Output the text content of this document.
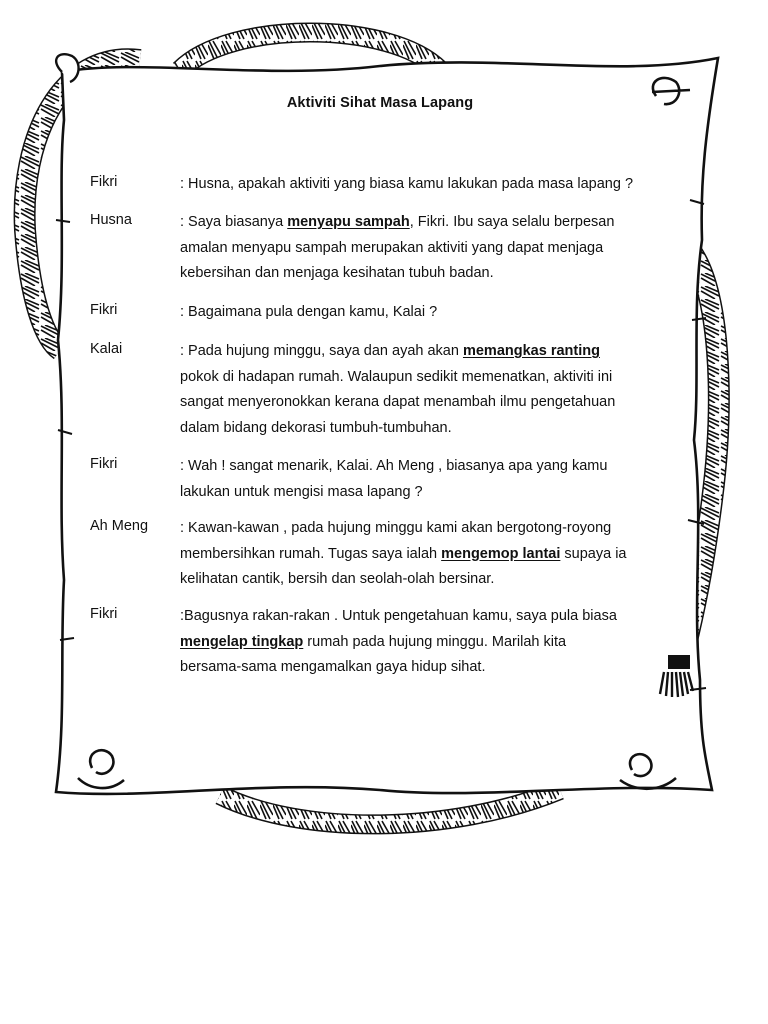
Aktiviti Sihat Masa Lapang
Fikri	: Husna, apakah aktiviti yang biasa kamu lakukan pada masa lapang ?
Husna	: Saya biasanya menyapu sampah, Fikri. Ibu saya selalu berpesan
amalan menyapu sampah merupakan aktiviti yang dapat menjaga
kebersihan dan menjaga kesihatan tubuh badan.
Fikri	: Bagaimana pula dengan kamu, Kalai ?
Kalai	: Pada hujung minggu, saya dan ayah akan memangkas ranting
pokok di hadapan rumah. Walaupun sedikit memenatkan, aktiviti ini
sangat menyeronokkan kerana dapat menambah ilmu pengetahuan
dalam bidang dekorasi tumbuh-tumbuhan.
Fikri	: Wah ! sangat menarik, Kalai. Ah Meng , biasanya apa yang kamu
lakukan untuk mengisi masa lapang ?
Ah Meng : Kawan-kawan , pada hujung minggu kami akan bergotong-royong
membersihkan rumah. Tugas saya ialah mengemop lantai supaya ia
kelihatan cantik, bersih dan seolah-olah bersinar.
Fikri	:Bagusnya rakan-rakan . Untuk pengetahuan kamu, saya pula biasa
mengelap tingkap rumah pada hujung minggu. Marilah kita
bersama-sama mengamalkan gaya hidup sihat.
